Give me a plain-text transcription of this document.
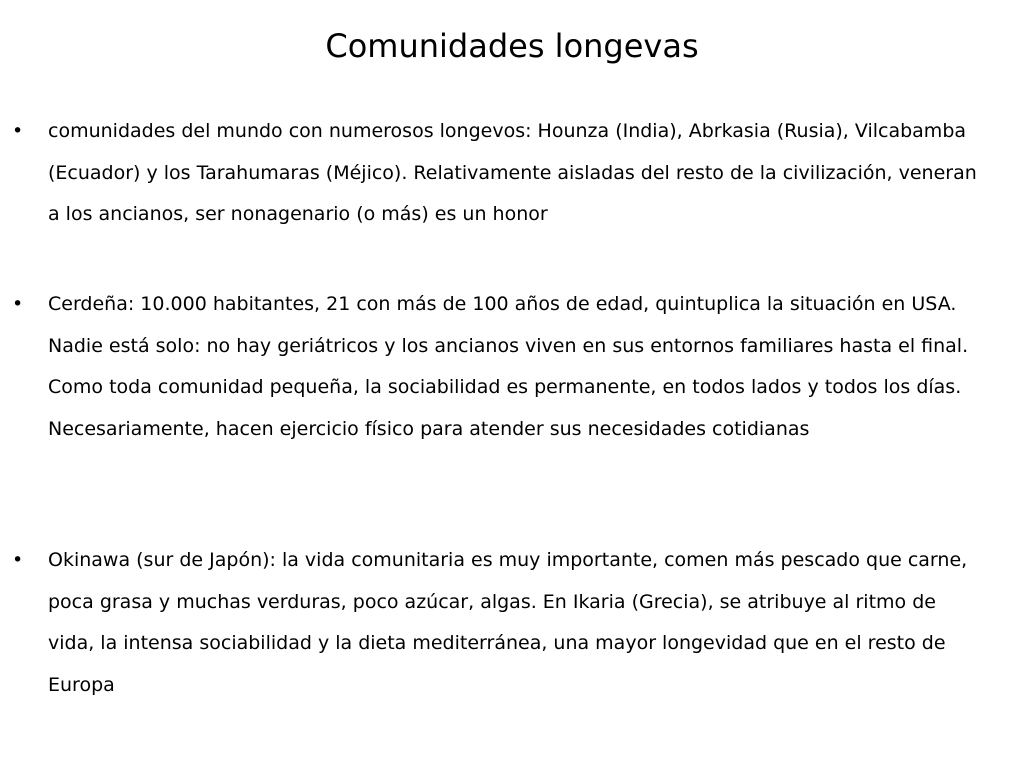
Comunidades longevas
• comunidades del mundo con numerosos longevos: Hounza (India), Abrkasia (Rusia), Vilcabamba (Ecuador) y los Tarahumaras (Méjico). Relativamente aisladas del resto de la civilización, veneran a los ancianos, ser nonagenario (o más) es un honor

• Cerdeña: 10.000 habitantes, 21 con más de 100 años de edad, quintuplica la situación en USA. Nadie está solo: no hay geriátricos y los ancianos viven en sus entornos familiares hasta el final. Como toda comunidad pequeña, la sociabilidad es permanente, en todos lados y todos los días. Necesariamente, hacen ejercicio físico para atender sus necesidades cotidianas

• Okinawa (sur de Japón): la vida comunitaria es muy importante, comen más pescado que carne, poca grasa y muchas verduras, poco azúcar, algas. En Ikaria (Grecia), se atribuye al ritmo de vida, la intensa sociabilidad y la dieta mediterránea, una mayor longevidad que en el resto de Europa
